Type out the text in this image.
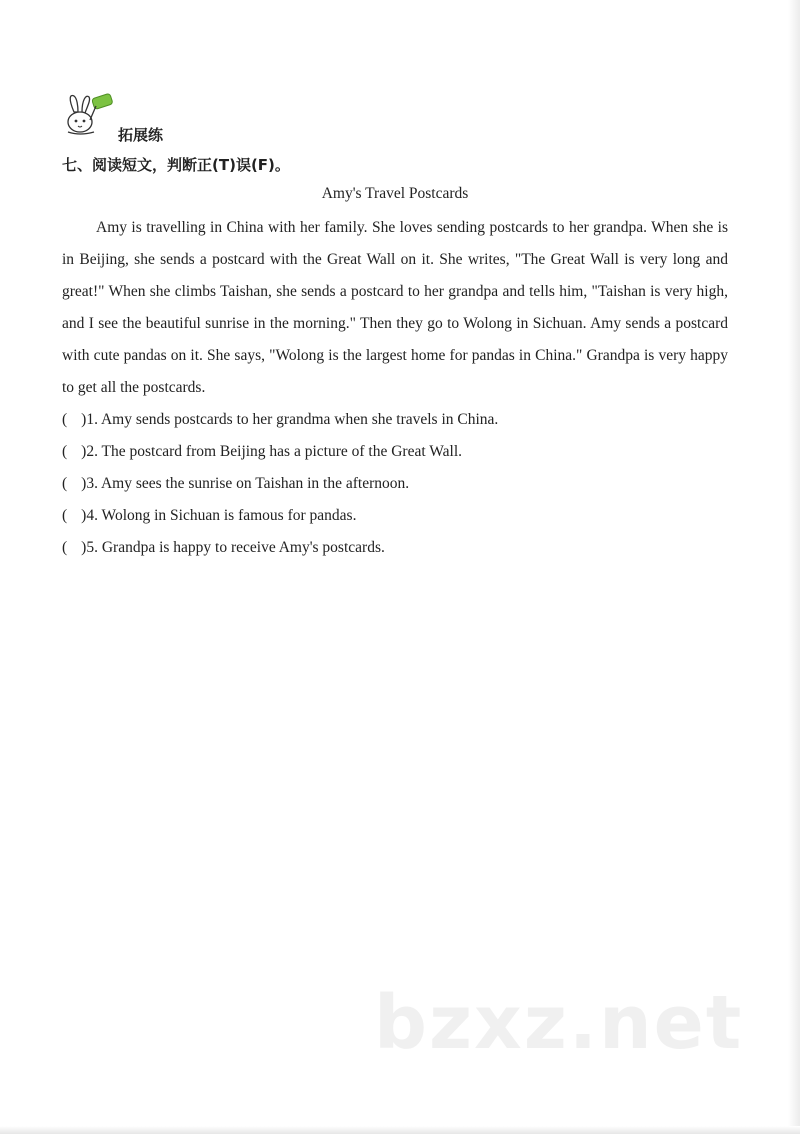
拓展练
七、阅读短文，判断正(T)误(F)。
Amy's Travel Postcards

Amy is travelling in China with her family. She loves sending postcards to her grandpa. When she is in Beijing, she sends a postcard with the Great Wall on it. She writes, "The Great Wall is very long and great!" When she climbs Taishan, she sends a postcard to her grandpa and tells him, "Taishan is very high, and I see the beautiful sunrise in the morning." Then they go to Wolong in Sichuan. Amy sends a postcard with cute pandas on it. She says, "Wolong is the largest home for pandas in China." Grandpa is very happy to get all the postcards.

( )1. Amy sends postcards to her grandma when she travels in China.
( )2. The postcard from Beijing has a picture of the Great Wall.
( )3. Amy sees the sunrise on Taishan in the afternoon.
( )4. Wolong in Sichuan is famous for pandas.
( )5. Grandpa is happy to receive Amy's postcards.
bzxz.net
